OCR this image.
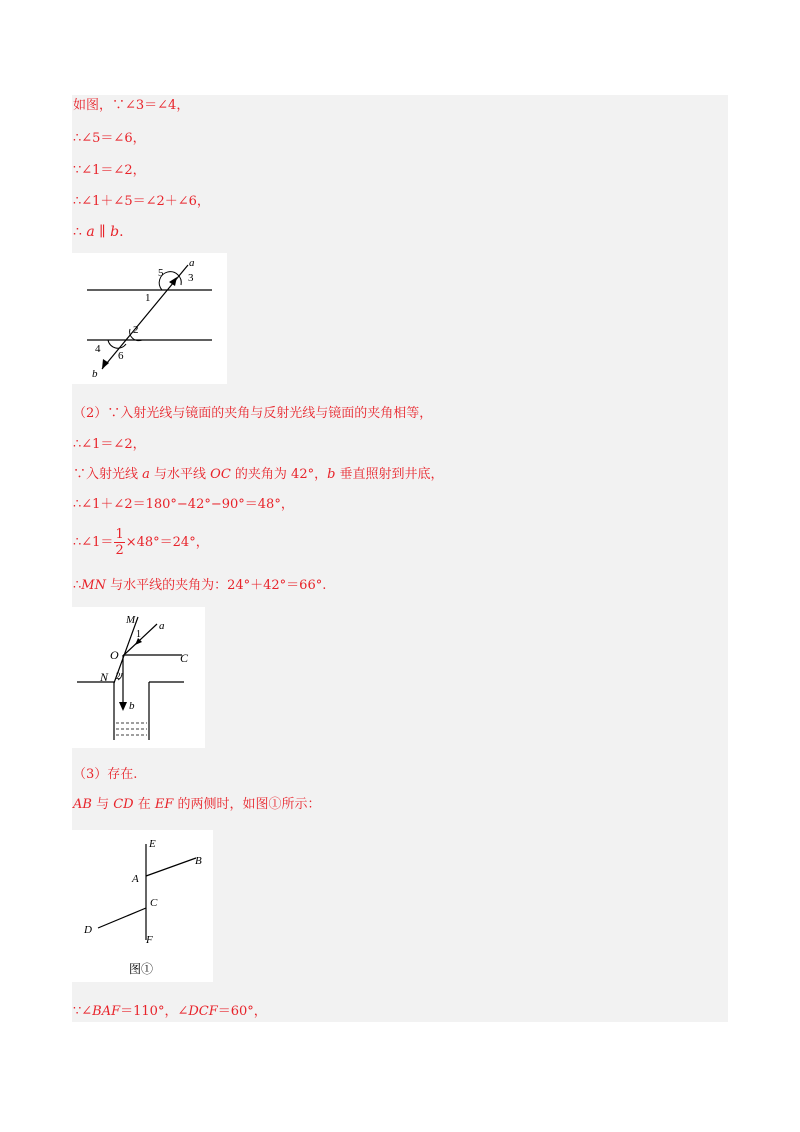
如图，∵∠3＝∠4，
∴∠5＝∠6，
∵∠1＝∠2，
∴∠1＋∠5＝∠2＋∠6，
∴ a ∥ b.
a
5 3
1
2
4
6
b
（2）∵入射光线与镜面的夹角与反射光线与镜面的夹角相等，
∴∠1＝∠2，
∵入射光线 a 与水平线 OC 的夹角为 42°，b 垂直照射到井底，
∴∠1＋∠2＝180°−42°−90°＝48°，
∴∠1＝ $\frac{1}{2} \times 48^\circ=24^\circ$，
∴MN 与水平线的夹角为：24°＋42°＝66°.
M a
1
O	C
N 2
b
（3）存在.
AB 与 CD 在 EF 的两侧时，如图①所示：
E
B
A
C
D
F
图①
∵∠BAF＝110°，∠DCF＝60°，
